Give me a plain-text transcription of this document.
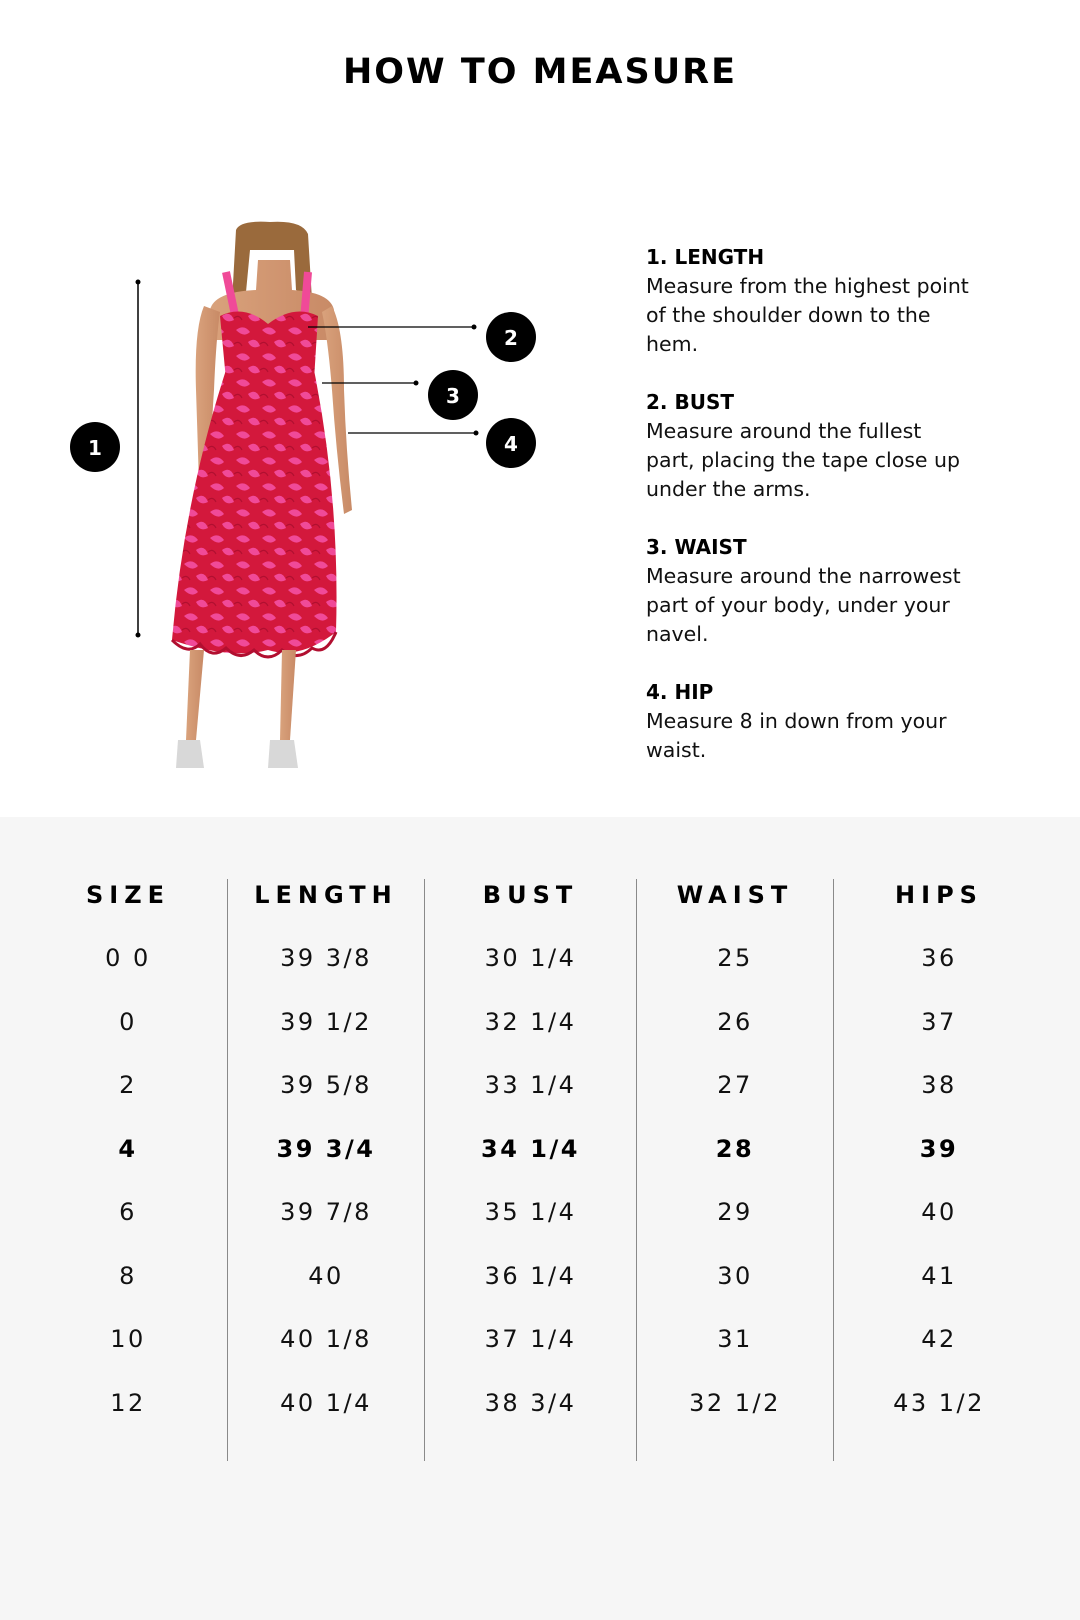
HOW TO MEASURE
1
2
3
4
1. LENGTH
Measure from the highest point
of the shoulder down to the
hem.
2. BUST
Measure around the fullest
part, placing the tape close up
under the arms.
3. WAIST
Measure around the narrowest
part of your body, under your
navel.
4. HIP
Measure 8 in down from your
waist.
SIZE
0 0
0
2
4
6
8
10
12
LENGTH
39 3/8
39 1/2
39 5/8
39 3/4
39 7/8
40
40 1/8
40 1/4
BUST
30 1/4
32 1/4
33 1/4
34 1/4
35 1/4
36 1/4
37 1/4
38 3/4
WAIST
25
26
27
28
29
30
31
32 1/2
HIPS
36
37
38
39
40
41
42
43 1/2
